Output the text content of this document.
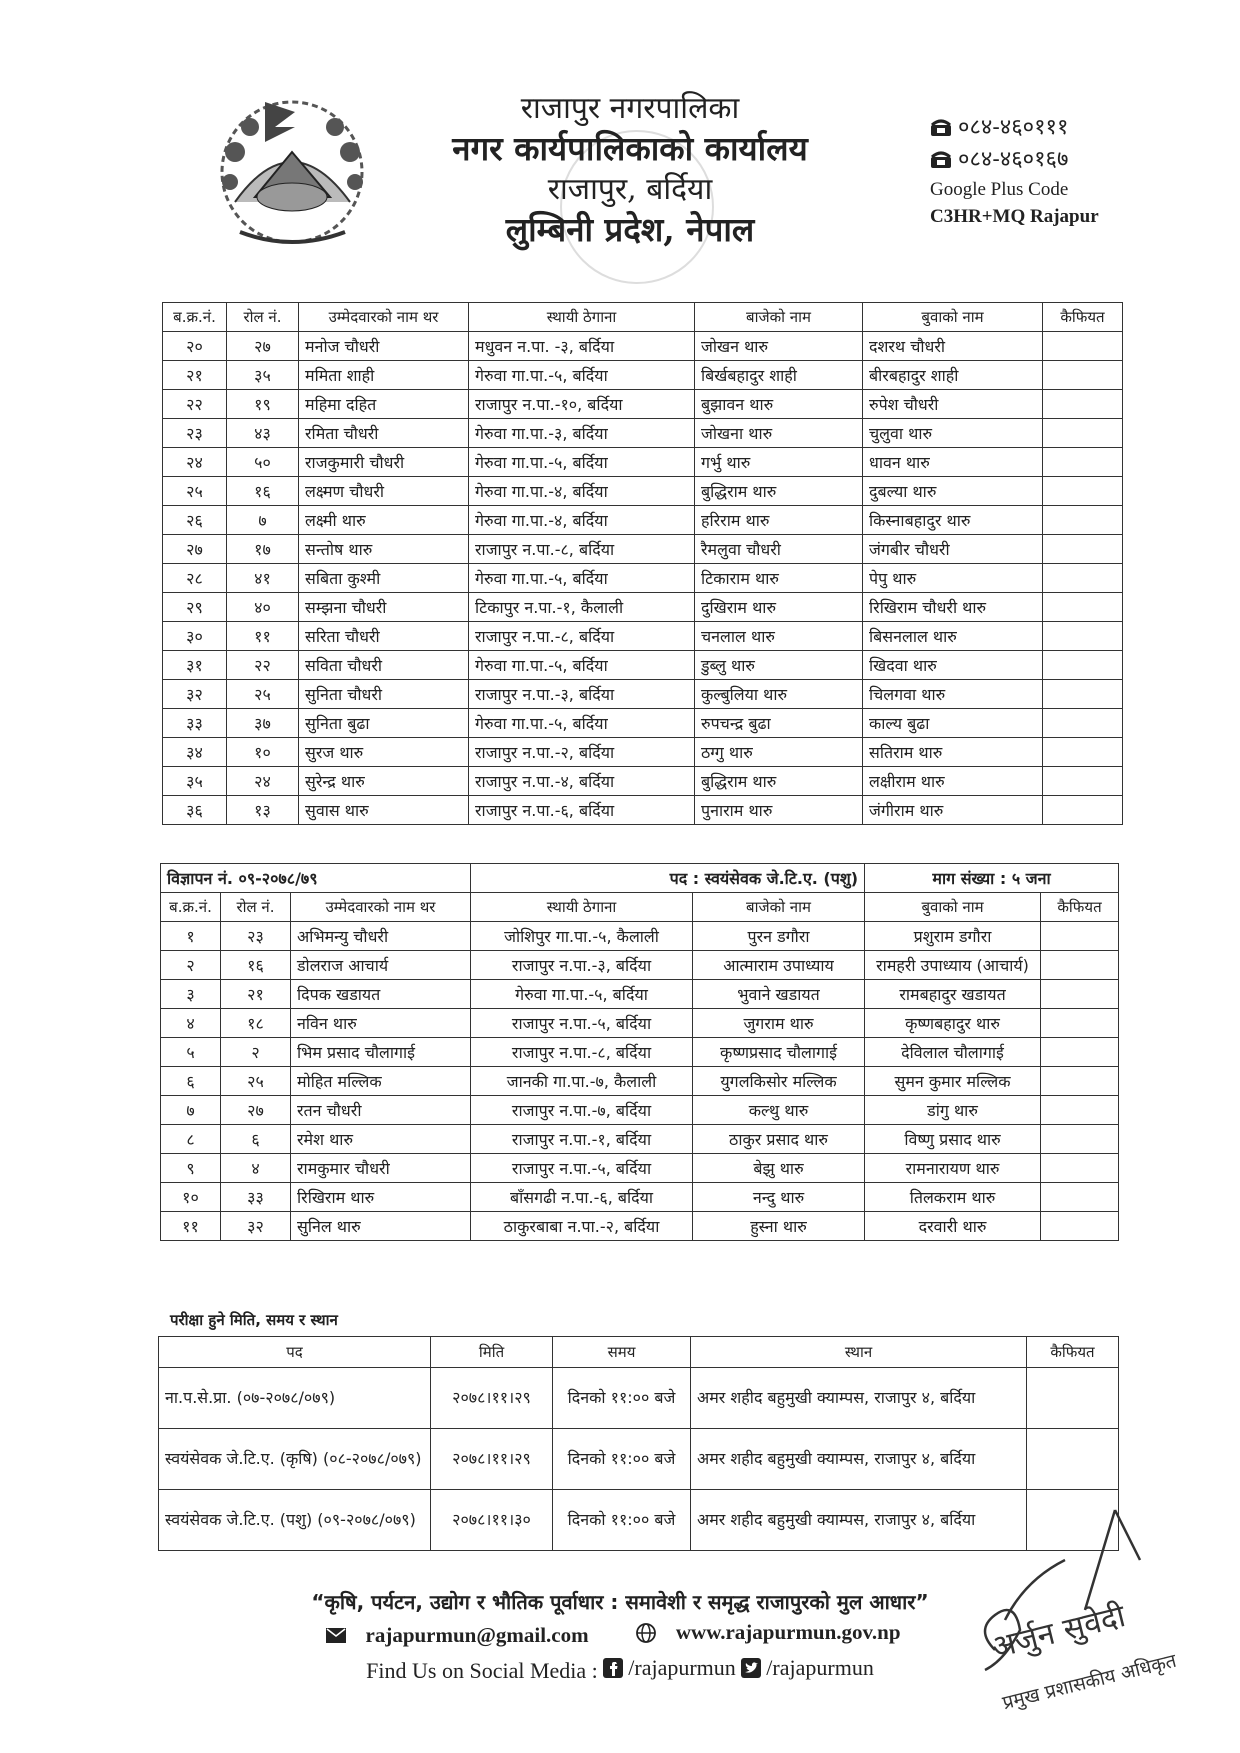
राजापुर नगरपालिका
नगर कार्यपालिकाको कार्यालय
राजापुर, बर्दिया
लुम्बिनी प्रदेश, नेपाल
०८४-४६०१११
०८४-४६०१६७
Google Plus Code
C3HR+MQ Rajapur
ब.क्र.नं.	रोल नं.	उम्मेदवारको नाम थर	स्थायी ठेगाना	बाजेको नाम	बुवाको नाम	कैफियत
२०	२७	मनोज चौधरी	मधुवन न.पा. -३, बर्दिया	जोखन थारु	दशरथ चौधरी	
२१	३५	ममिता शाही	गेरुवा गा.पा.-५, बर्दिया	बिर्खबहादुर शाही	बीरबहादुर शाही	
२२	१९	महिमा दहित	राजापुर न.पा.-१०, बर्दिया	बुझावन थारु	रुपेश चौधरी	
२३	४३	रमिता चौधरी	गेरुवा गा.पा.-३, बर्दिया	जोखना थारु	चुलुवा थारु	
२४	५०	राजकुमारी चौधरी	गेरुवा गा.पा.-५, बर्दिया	गर्भु थारु	धावन थारु	
२५	१६	लक्ष्मण चौधरी	गेरुवा गा.पा.-४, बर्दिया	बुद्धिराम थारु	दुबल्या थारु	
२६	७	लक्ष्मी थारु	गेरुवा गा.पा.-४, बर्दिया	हरिराम थारु	किस्नाबहादुर थारु	
२७	१७	सन्तोष थारु	राजापुर न.पा.-८, बर्दिया	रैमलुवा चौधरी	जंगबीर चौधरी	
२८	४१	सबिता कुश्मी	गेरुवा गा.पा.-५, बर्दिया	टिकाराम थारु	पेपु थारु	
२९	४०	सम्झना चौधरी	टिकापुर न.पा.-१, कैलाली	दुखिराम थारु	रिखिराम चौधरी थारु	
३०	११	सरिता चौधरी	राजापुर न.पा.-८, बर्दिया	चनलाल थारु	बिसनलाल थारु	
३१	२२	सविता चौधरी	गेरुवा गा.पा.-५, बर्दिया	डुब्लु थारु	खिदवा थारु	
३२	२५	सुनिता चौधरी	राजापुर न.पा.-३, बर्दिया	कुल्बुलिया थारु	चिलगवा थारु	
३३	३७	सुनिता बुढा	गेरुवा गा.पा.-५, बर्दिया	रुपचन्द्र बुढा	काल्य बुढा	
३४	१०	सुरज थारु	राजापुर न.पा.-२, बर्दिया	ठग्गु थारु	सतिराम थारु	
३५	२४	सुरेन्द्र थारु	राजापुर न.पा.-४, बर्दिया	बुद्धिराम थारु	लक्षीराम थारु	
३६	१३	सुवास थारु	राजापुर न.पा.-६, बर्दिया	पुनाराम थारु	जंगीराम थारु	
विज्ञापन नं. ०९-२०७८/७९			पद : स्वयंसेवक जे.टि.ए. (पशु)		माग संख्या : ५ जना	
ब.क्र.नं.	रोल नं.	उम्मेदवारको नाम थर	स्थायी ठेगाना	बाजेको नाम	बुवाको नाम	कैफियत
१	२३	अभिमन्यु चौधरी	जोशिपुर गा.पा.-५, कैलाली	पुरन डगौरा	प्रशुराम डगौरा	
२	१६	डोलराज आचार्य	राजापुर न.पा.-३, बर्दिया	आत्माराम उपाध्याय	रामहरी उपाध्याय (आचार्य)	
३	२१	दिपक खडायत	गेरुवा गा.पा.-५, बर्दिया	भुवाने खडायत	रामबहादुर खडायत	
४	१८	नविन थारु	राजापुर न.पा.-५, बर्दिया	जुगराम थारु	कृष्णबहादुर थारु	
५	२	भिम प्रसाद चौलागाई	राजापुर न.पा.-८, बर्दिया	कृष्णप्रसाद चौलागाई	देविलाल चौलागाई	
६	२५	मोहित मल्लिक	जानकी गा.पा.-७, कैलाली	युगलकिसोर मल्लिक	सुमन कुमार मल्लिक	
७	२७	रतन चौधरी	राजापुर न.पा.-७, बर्दिया	कल्थु थारु	डांगु थारु	
८	६	रमेश थारु	राजापुर न.पा.-१, बर्दिया	ठाकुर प्रसाद थारु	विष्णु प्रसाद थारु	
९	४	रामकुमार चौधरी	राजापुर न.पा.-५, बर्दिया	बेझु थारु	रामनारायण थारु	
१०	३३	रिखिराम थारु	बाँसगढी न.पा.-६, बर्दिया	नन्दु थारु	तिलकराम थारु	
११	३२	सुनिल थारु	ठाकुरबाबा न.पा.-२, बर्दिया	हुस्ना थारु	दरवारी थारु	
परीक्षा हुने मिति, समय र स्थान
पद	मिति	समय	स्थान	कैफियत
ना.प.से.प्रा. (०७-२०७८/०७९)	२०७८।११।२९	दिनको ११:०० बजे	अमर शहीद बहुमुखी क्याम्पस, राजापुर ४, बर्दिया	
स्वयंसेवक जे.टि.ए. (कृषि) (०८-२०७८/०७९)	२०७८।११।२९	दिनको ११:०० बजे	अमर शहीद बहुमुखी क्याम्पस, राजापुर ४, बर्दिया	
स्वयंसेवक जे.टि.ए. (पशु) (०९-२०७८/०७९)	२०७८।११।३०	दिनको ११:०० बजे	अमर शहीद बहुमुखी क्याम्पस, राजापुर ४, बर्दिया	
“कृषि, पर्यटन, उद्योग र भौतिक पूर्वाधार : समावेशी र समृद्ध राजापुरको मुल आधार”
rajapurmun@gmail.com
	www.rajapurmun.gov.np
Find Us on Social Media : /rajapurmun
/rajapurmun
अर्जुन सुवेदी
प्रमुख प्रशासकीय अधिकृत
